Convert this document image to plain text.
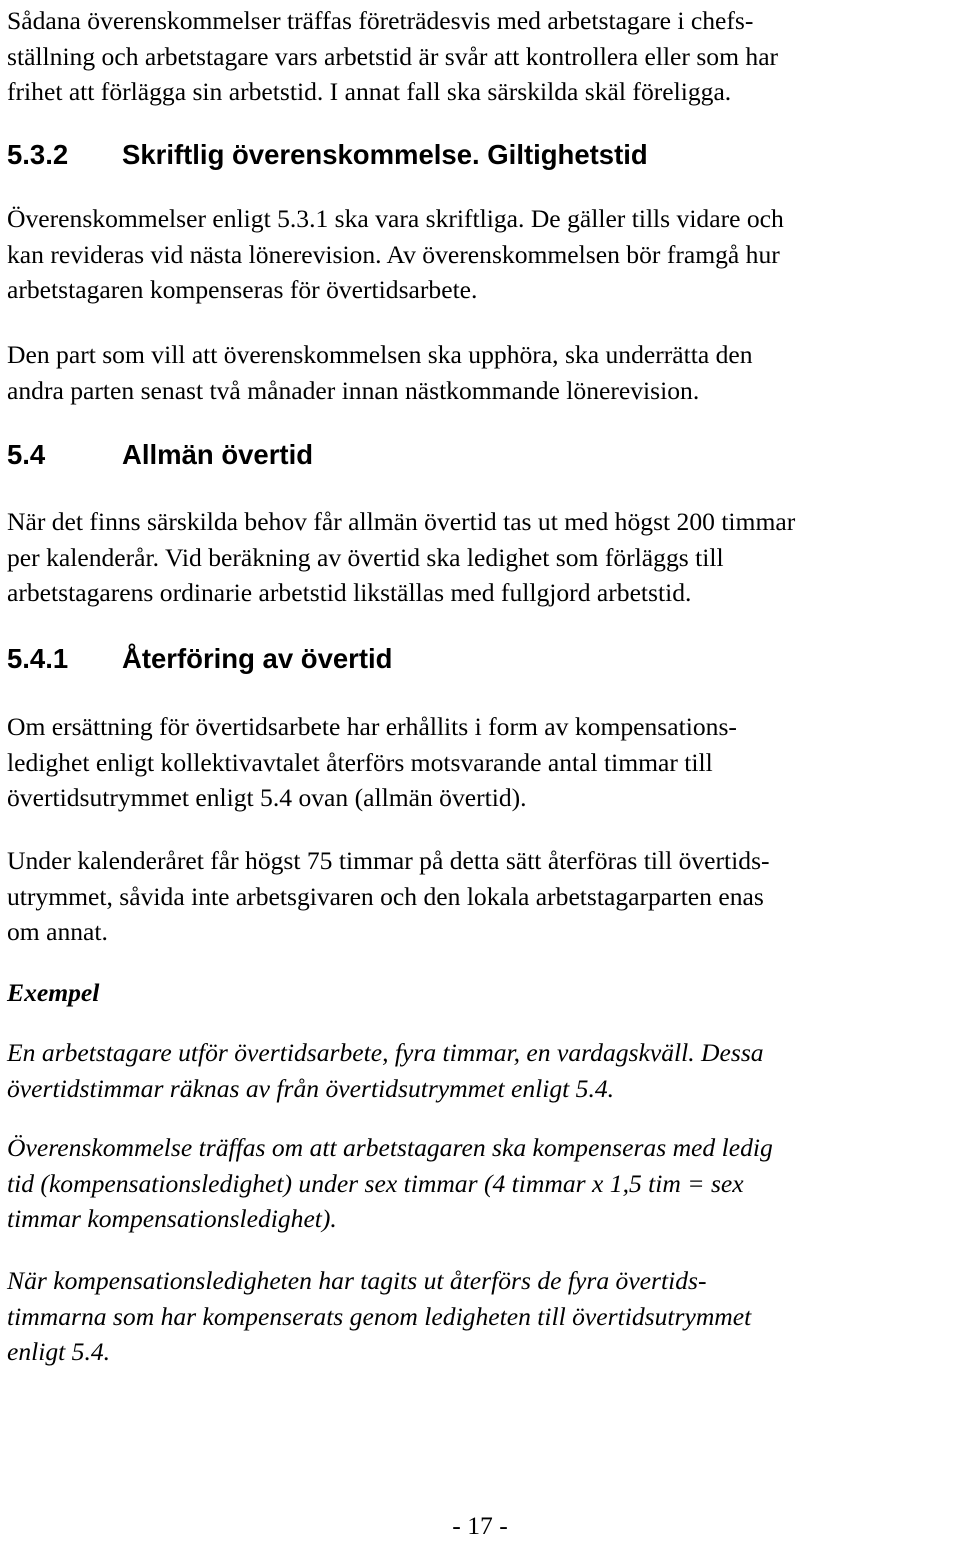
Sådana överenskommelser träffas företrädesvis med arbetstagare i chefs-
ställning och arbetstagare vars arbetstid är svår att kontrollera eller som har
frihet att förlägga sin arbetstid. I annat fall ska särskilda skäl föreligga.
5.3.2 Skriftlig överenskommelse. Giltighetstid
Överenskommelser enligt 5.3.1 ska vara skriftliga. De gäller tills vidare och
kan revideras vid nästa lönerevision. Av överenskommelsen bör framgå hur
arbetstagaren kompenseras för övertidsarbete.
Den part som vill att överenskommelsen ska upphöra, ska underrätta den
andra parten senast två månader innan nästkommande lönerevision.
5.4	Allmän övertid
När det finns särskilda behov får allmän övertid tas ut med högst 200 timmar
per kalenderår. Vid beräkning av övertid ska ledighet som förläggs till
arbetstagarens ordinarie arbetstid likställas med fullgjord arbetstid.
5.4.1 Återföring av övertid
Om ersättning för övertidsarbete har erhållits i form av kompensations-
ledighet enligt kollektivavtalet återförs motsvarande antal timmar till
övertidsutrymmet enligt 5.4 ovan (allmän övertid).
Under kalenderåret får högst 75 timmar på detta sätt återföras till övertids-
utrymmet, såvida inte arbetsgivaren och den lokala arbetstagarparten enas
om annat.
Exempel
En arbetstagare utför övertidsarbete, fyra timmar, en vardagskväll. Dessa
övertidstimmar räknas av från övertidsutrymmet enligt 5.4.
Överenskommelse träffas om att arbetstagaren ska kompenseras med ledig
tid (kompensationsledighet) under sex timmar (4 timmar x 1,5 tim = sex
timmar kompensationsledighet).
När kompensationsledigheten har tagits ut återförs de fyra övertids-
timmarna som har kompenserats genom ledigheten till övertidsutrymmet
enligt 5.4.
- 17 -
